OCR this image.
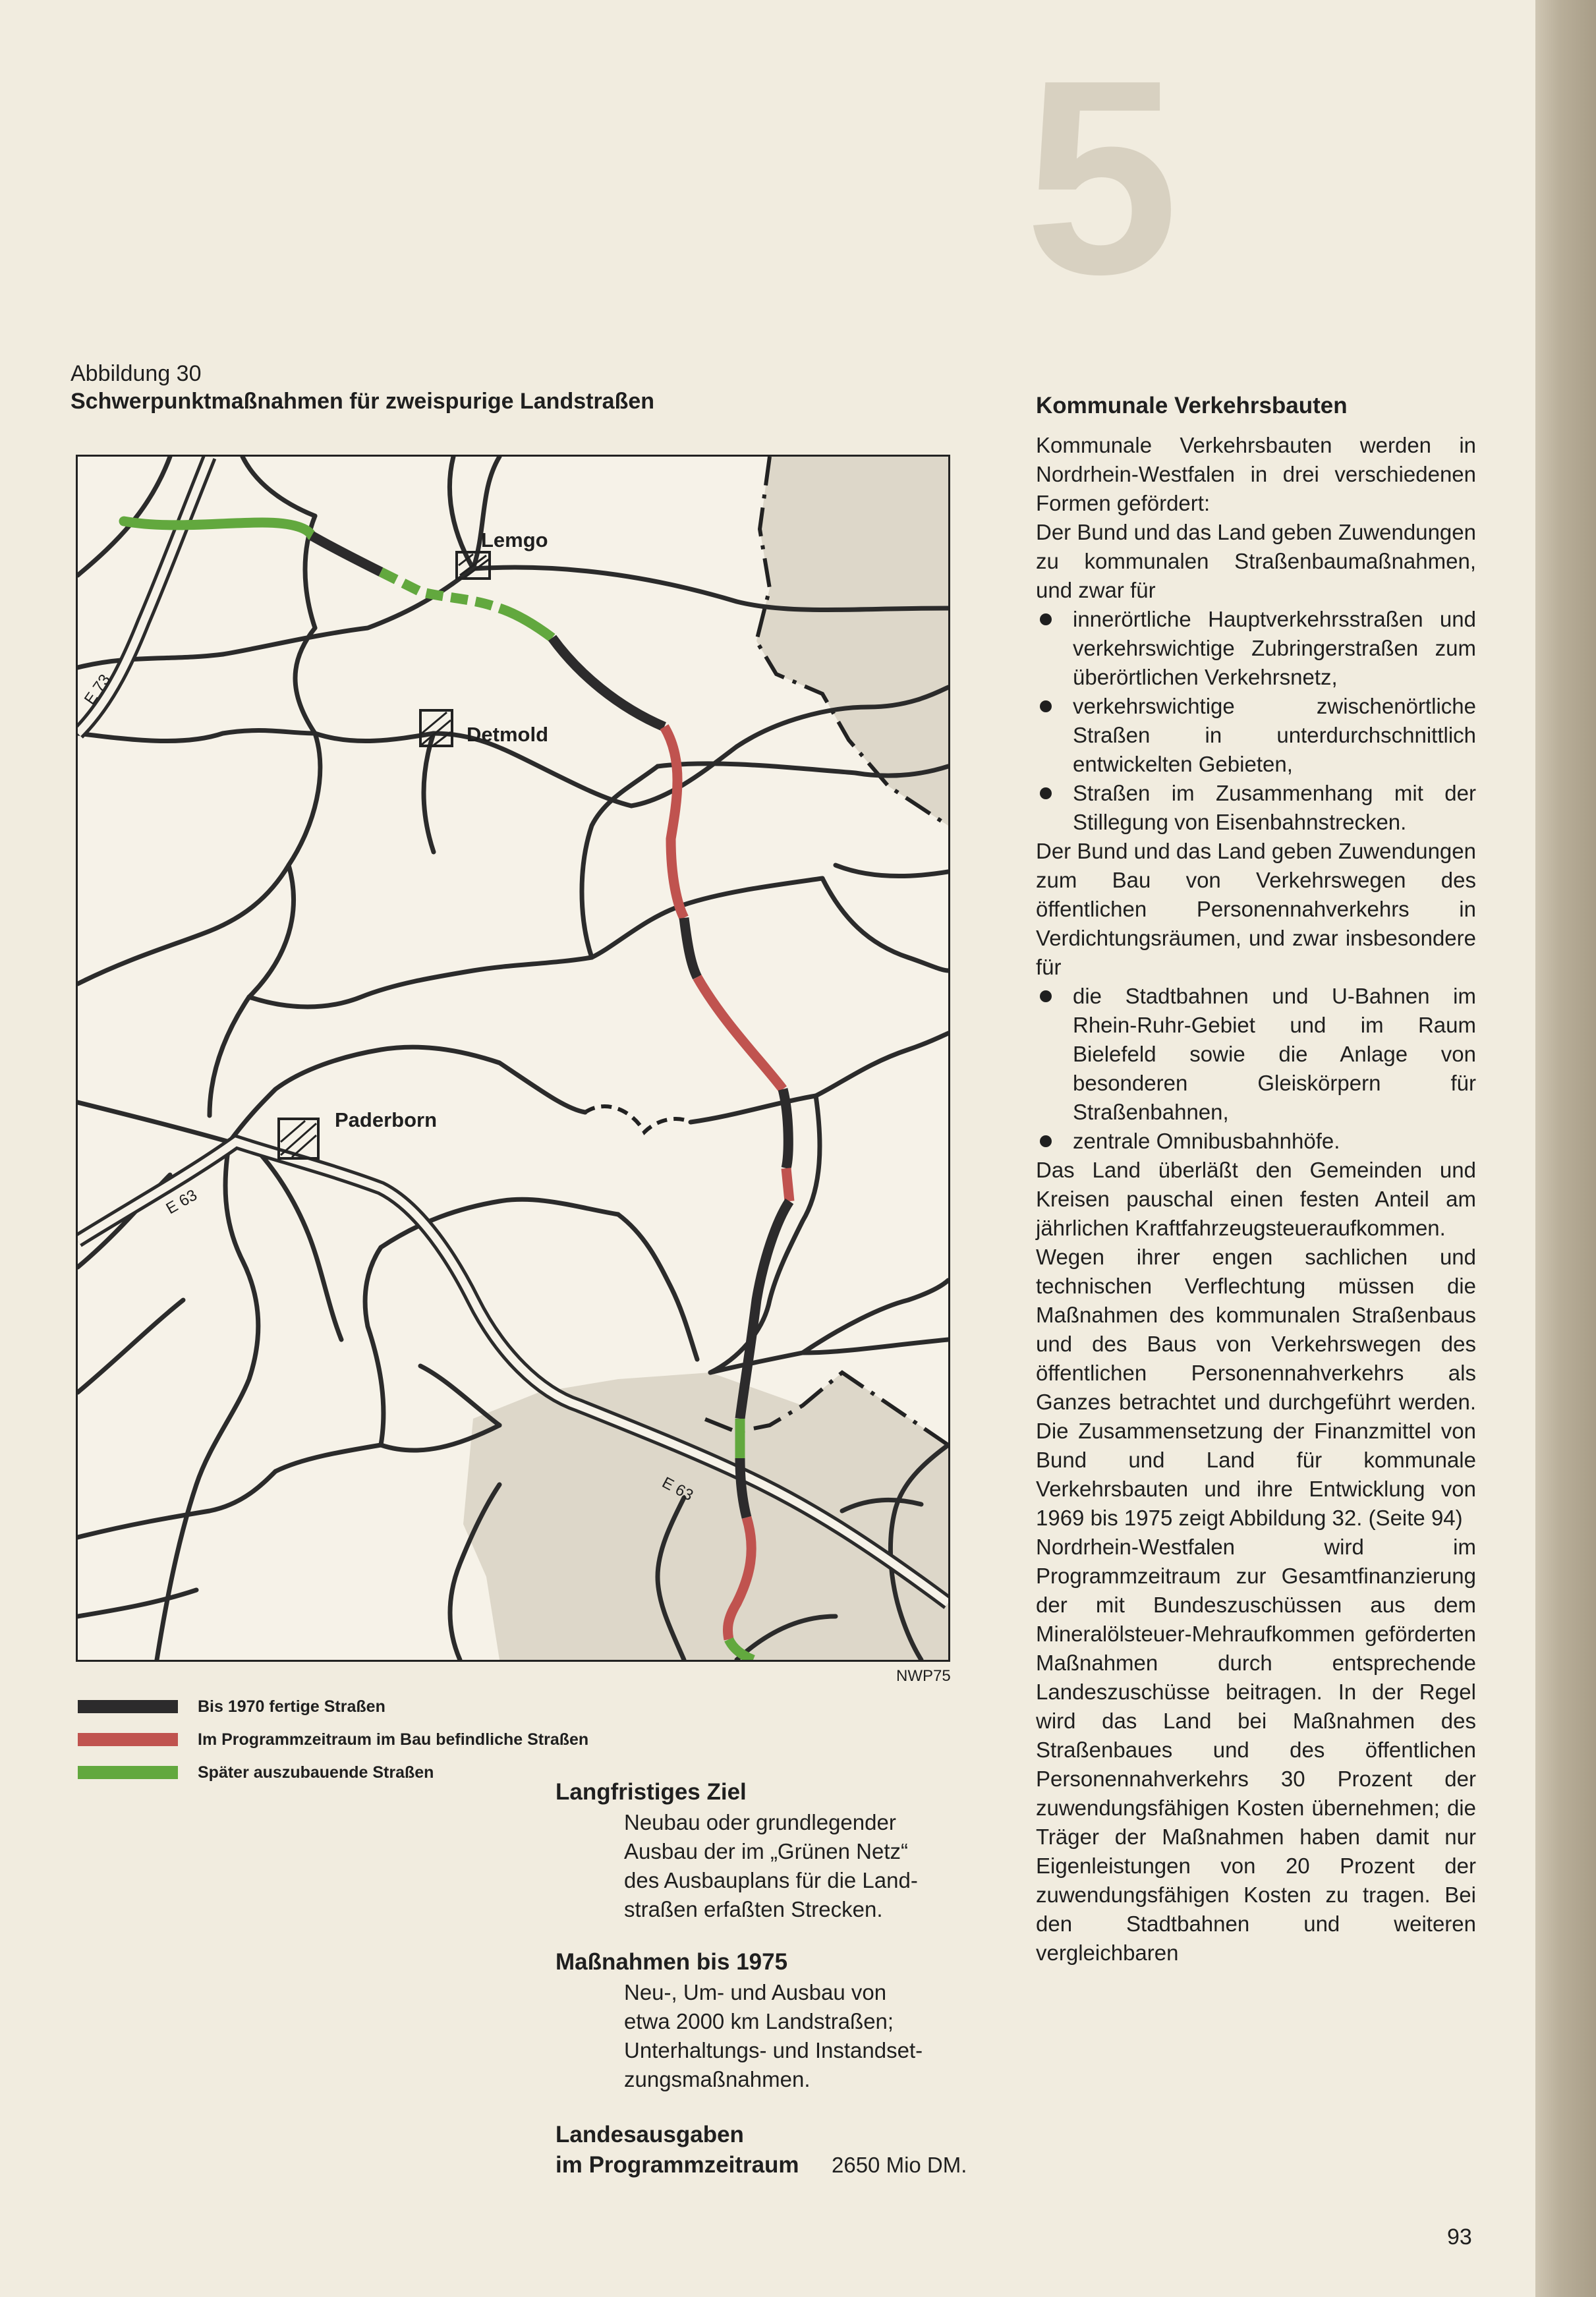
5
Abbildung 30
Schwerpunktmaßnahmen für zweispurige Landstraßen
Lemgo
Detmold
Paderborn
E 73
E 63
E 63
NWP75
Bis 1970 fertige Straßen
Im Programmzeitraum im Bau befindliche Straßen
Später auszubauende Straßen
Langfristiges Ziel
Neubau oder grundlegender
Ausbau der im „Grünen Netz“
des Ausbauplans für die Land-
straßen erfaßten Strecken.
Maßnahmen bis 1975
Neu-, Um- und Ausbau von
etwa 2000 km Landstraßen;
Unterhaltungs- und Instandset-
zungsmaßnahmen.
Landesausgaben
im Programmzeitraum 2650 Mio DM.
Kommunale Verkehrsbauten

Kommunale Verkehrsbauten werden in Nordrhein-Westfalen in drei verschiedenen Formen gefördert:

Der Bund und das Land geben Zuwendungen zu kommunalen Straßenbaumaßnahmen, und zwar für

innerörtliche Hauptverkehrsstraßen und verkehrswichtige Zubringerstraßen zum überörtlichen Verkehrsnetz,
verkehrswichtige zwischenörtliche Straßen in unterdurchschnittlich entwickelten Gebieten,
Straßen im Zusammenhang mit der Stillegung von Eisenbahnstrecken.

Der Bund und das Land geben Zuwendungen zum Bau von Verkehrswegen des öffentlichen Personennahverkehrs in Verdichtungsräumen, und zwar insbesondere für

die Stadtbahnen und U-Bahnen im Rhein-Ruhr-Gebiet und im Raum Bielefeld sowie die Anlage von besonderen Gleiskörpern für Straßenbahnen,
zentrale Omnibusbahnhöfe.

Das Land überläßt den Gemeinden und Kreisen pauschal einen festen Anteil am jährlichen Kraftfahrzeugsteueraufkommen.

Wegen ihrer engen sachlichen und technischen Verflechtung müssen die Maßnahmen des kommunalen Straßenbaus und des Baus von Verkehrswegen des öffentlichen Personennahverkehrs als Ganzes betrachtet und durchgeführt werden. Die Zusammensetzung der Finanzmittel von Bund und Land für kommunale Verkehrsbauten und ihre Entwicklung von 1969 bis 1975 zeigt Abbildung 32. (Seite 94)

Nordrhein-Westfalen wird im Programmzeitraum zur Gesamtfinanzierung der mit Bundeszuschüssen aus dem Mineralölsteuer-Mehraufkommen geförderten Maßnahmen durch entsprechende Landeszuschüsse beitragen. In der Regel wird das Land bei Maßnahmen des Straßenbaues und des öffentlichen Personennahverkehrs 30 Prozent der zuwendungsfähigen Kosten übernehmen; die Träger der Maßnahmen haben damit nur Eigenleistungen von 20 Prozent der zuwendungsfähigen Kosten zu tragen. Bei den Stadtbahnen und weiteren vergleichbaren

93
